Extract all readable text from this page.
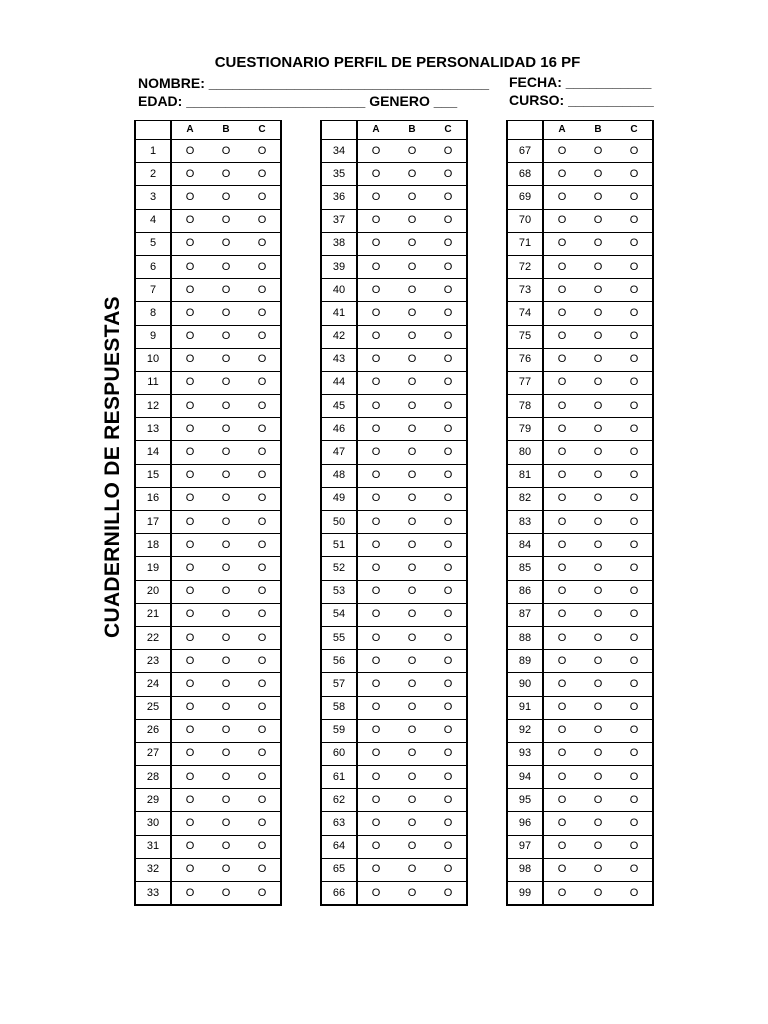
CUESTIONARIO PERFIL DE PERSONALIDAD 16 PF
NOMBRE: ____________________________________
EDAD: _______________________ GENERO ___
FECHA: ___________
CURSO: ___________
CUADERNILLO DE RESPUESTAS
	A	B	C
1	O	O	O
2	O	O	O
3	O	O	O
4	O	O	O
5	O	O	O
6	O	O	O
7	O	O	O
8	O	O	O
9	O	O	O
10	O	O	O
11	O	O	O
12	O	O	O
13	O	O	O
14	O	O	O
15	O	O	O
16	O	O	O
17	O	O	O
18	O	O	O
19	O	O	O
20	O	O	O
21	O	O	O
22	O	O	O
23	O	O	O
24	O	O	O
25	O	O	O
26	O	O	O
27	O	O	O
28	O	O	O
29	O	O	O
30	O	O	O
31	O	O	O
32	O	O	O
33	O	O	O
	A	B	C
34	O	O	O
35	O	O	O
36	O	O	O
37	O	O	O
38	O	O	O
39	O	O	O
40	O	O	O
41	O	O	O
42	O	O	O
43	O	O	O
44	O	O	O
45	O	O	O
46	O	O	O
47	O	O	O
48	O	O	O
49	O	O	O
50	O	O	O
51	O	O	O
52	O	O	O
53	O	O	O
54	O	O	O
55	O	O	O
56	O	O	O
57	O	O	O
58	O	O	O
59	O	O	O
60	O	O	O
61	O	O	O
62	O	O	O
63	O	O	O
64	O	O	O
65	O	O	O
66	O	O	O
	A	B	C
67	O	O	O
68	O	O	O
69	O	O	O
70	O	O	O
71	O	O	O
72	O	O	O
73	O	O	O
74	O	O	O
75	O	O	O
76	O	O	O
77	O	O	O
78	O	O	O
79	O	O	O
80	O	O	O
81	O	O	O
82	O	O	O
83	O	O	O
84	O	O	O
85	O	O	O
86	O	O	O
87	O	O	O
88	O	O	O
89	O	O	O
90	O	O	O
91	O	O	O
92	O	O	O
93	O	O	O
94	O	O	O
95	O	O	O
96	O	O	O
97	O	O	O
98	O	O	O
99	O	O	O
